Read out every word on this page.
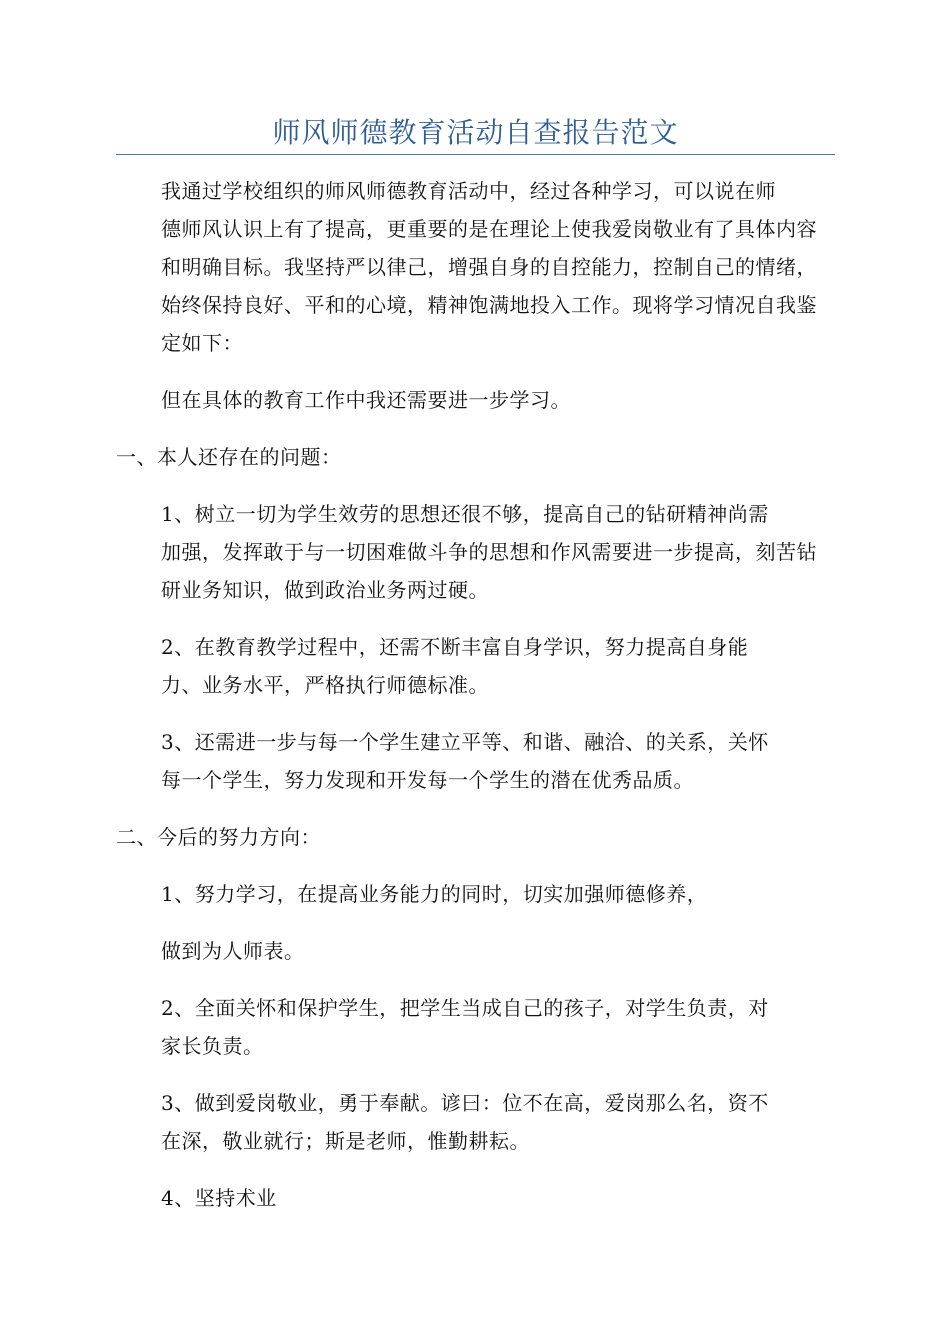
师风师德教育活动自查报告范文

我通过学校组织的师风师德教育活动中，经过各种学习，可以说在师
德师风认识上有了提高，更重要的是在理论上使我爱岗敬业有了具体内容
和明确目标。我坚持严以律己，增强自身的自控能力，控制自己的情绪，
始终保持良好、平和的心境，精神饱满地投入工作。现将学习情况自我鉴
定如下：

但在具体的教育工作中我还需要进一步学习。

一、本人还存在的问题：

1、树立一切为学生效劳的思想还很不够，提高自己的钻研精神尚需
加强，发挥敢于与一切困难做斗争的思想和作风需要进一步提高，刻苦钻
研业务知识，做到政治业务两过硬。

2、在教育教学过程中，还需不断丰富自身学识，努力提高自身能
力、业务水平，严格执行师德标准。

3、还需进一步与每一个学生建立平等、和谐、融洽、的关系，关怀
每一个学生，努力发现和开发每一个学生的潜在优秀品质。

二、今后的努力方向：

1、努力学习，在提高业务能力的同时，切实加强师德修养，

做到为人师表。

2、全面关怀和保护学生，把学生当成自己的孩子，对学生负责，对
家长负责。

3、做到爱岗敬业，勇于奉献。谚曰：位不在高，爱岗那么名，资不
在深，敬业就行；斯是老师，惟勤耕耘。

4、坚持术业
